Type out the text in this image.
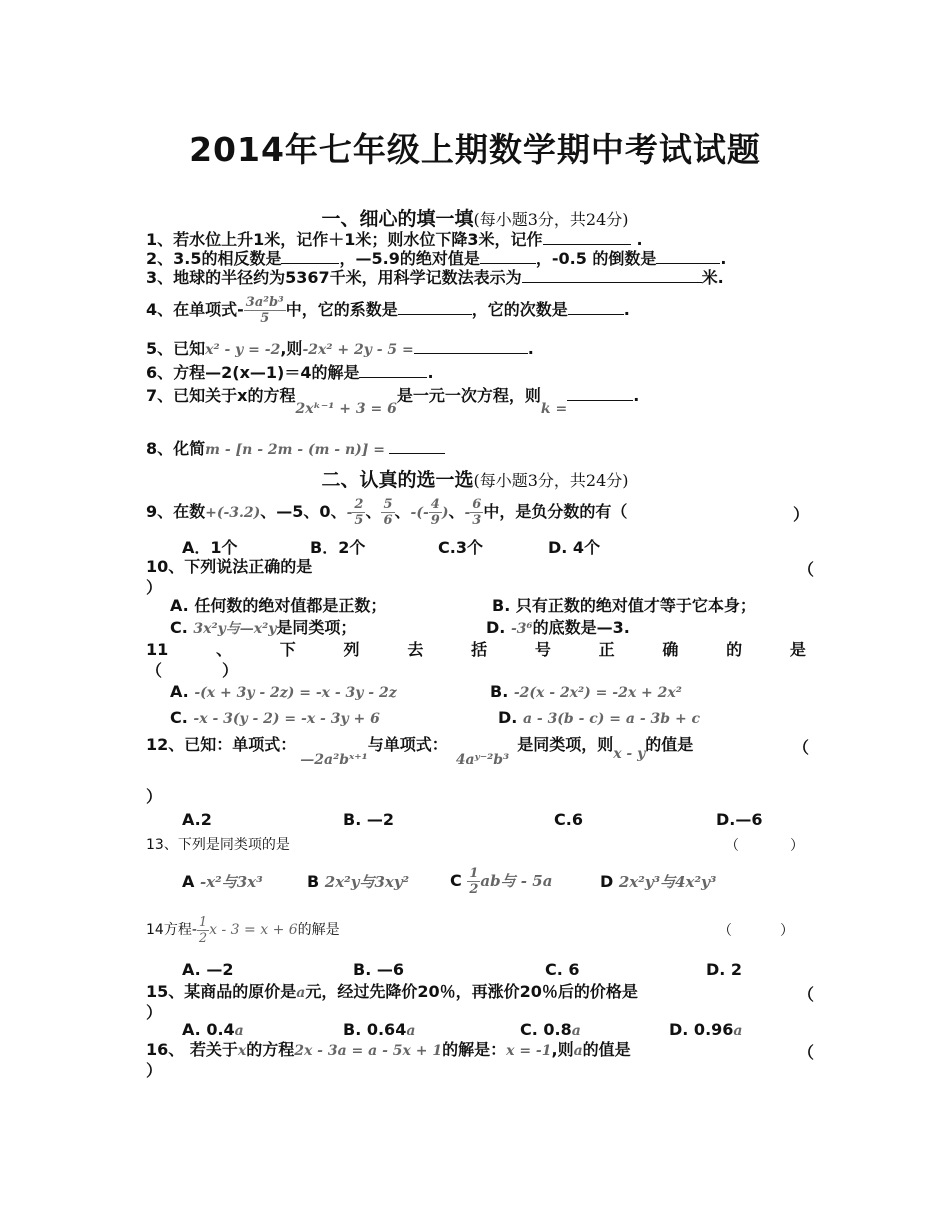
2014年七年级上期数学期中考试试题
一、细心的填一填(每小题3分，共24分)
1、若水位上升1米，记作＋1米；则水位下降3米，记作	.
2、3.5的相反数是	，—5.9的绝对值是	，-0.5 的倒数是	.
3、地球的半径约为5367千米，用科学记数法表示为	米.
4、在单项式- $\frac{\text{3a²b³}}{5}$ 中，它的系数是	，它的次数是	.
5、已知x² - y = -2,则-2x² + 2y - 5 =	.
6、方程—2(x—1)＝4的解是	.
7、已知关于x的方程2xᵏ⁻¹ + 3 = 6是一元一次方程，则k =.
8、化简m - [n - 2m - (m - n)] =
二、认真的选一选(每小题3分，共24分)
9、在数+(-3.2)、—5、0、- $\frac{2}{5}$ 、 $\frac{5}{6}$ 、-(- $\frac{4}{9}$ )、- $\frac{6}{3}$ 中，是负分数的有（	）
A．1个	B．2个	C.3个	D. 4个
10、下列说法正确的是	（
）
A. 任何数的绝对值都是正数；	B. 只有正数的绝对值才等于它本身；
C. 3x²y与—x²y是同类项；	D. -3⁶的底数是—3.
11	、	下	列	去	括	号	正	确	的	是
（	）
A. -(x + 3y - 2z) = -x - 3y - 2z	B. -2(x - 2x²) = -2x + 2x²
C. -x - 3(y - 2) = -x - 3y + 6	D. a - 3(b - c) = a - 3b + c
12、已知：单项式：—2a²bˣ⁺¹与单项式：4aʸ⁻²b³是同类项，则x - y的值是	（
）
A.2	B. —2	C.6	D.—6
13、下列是同类项的是	（	）
A -x²与3x³	B 2x²y与3xy²	C $\frac{1}{2}$ ab与 - 5a	D 2x²y³与4x²y³
14方程- $\frac{1}{2}$ x - 3 = x + 6的解是	（	）
A. —2	B. —6	C. 6	D. 2
15、某商品的原价是a元，经过先降价20％，再涨价20％后的价格是	（
）
A. 0.4a	B. 0.64a	C. 0.8a	D. 0.96a
16、 若关于x的方程2x - 3a = a - 5x + 1的解是：x = -1,则a的值是	（
）
